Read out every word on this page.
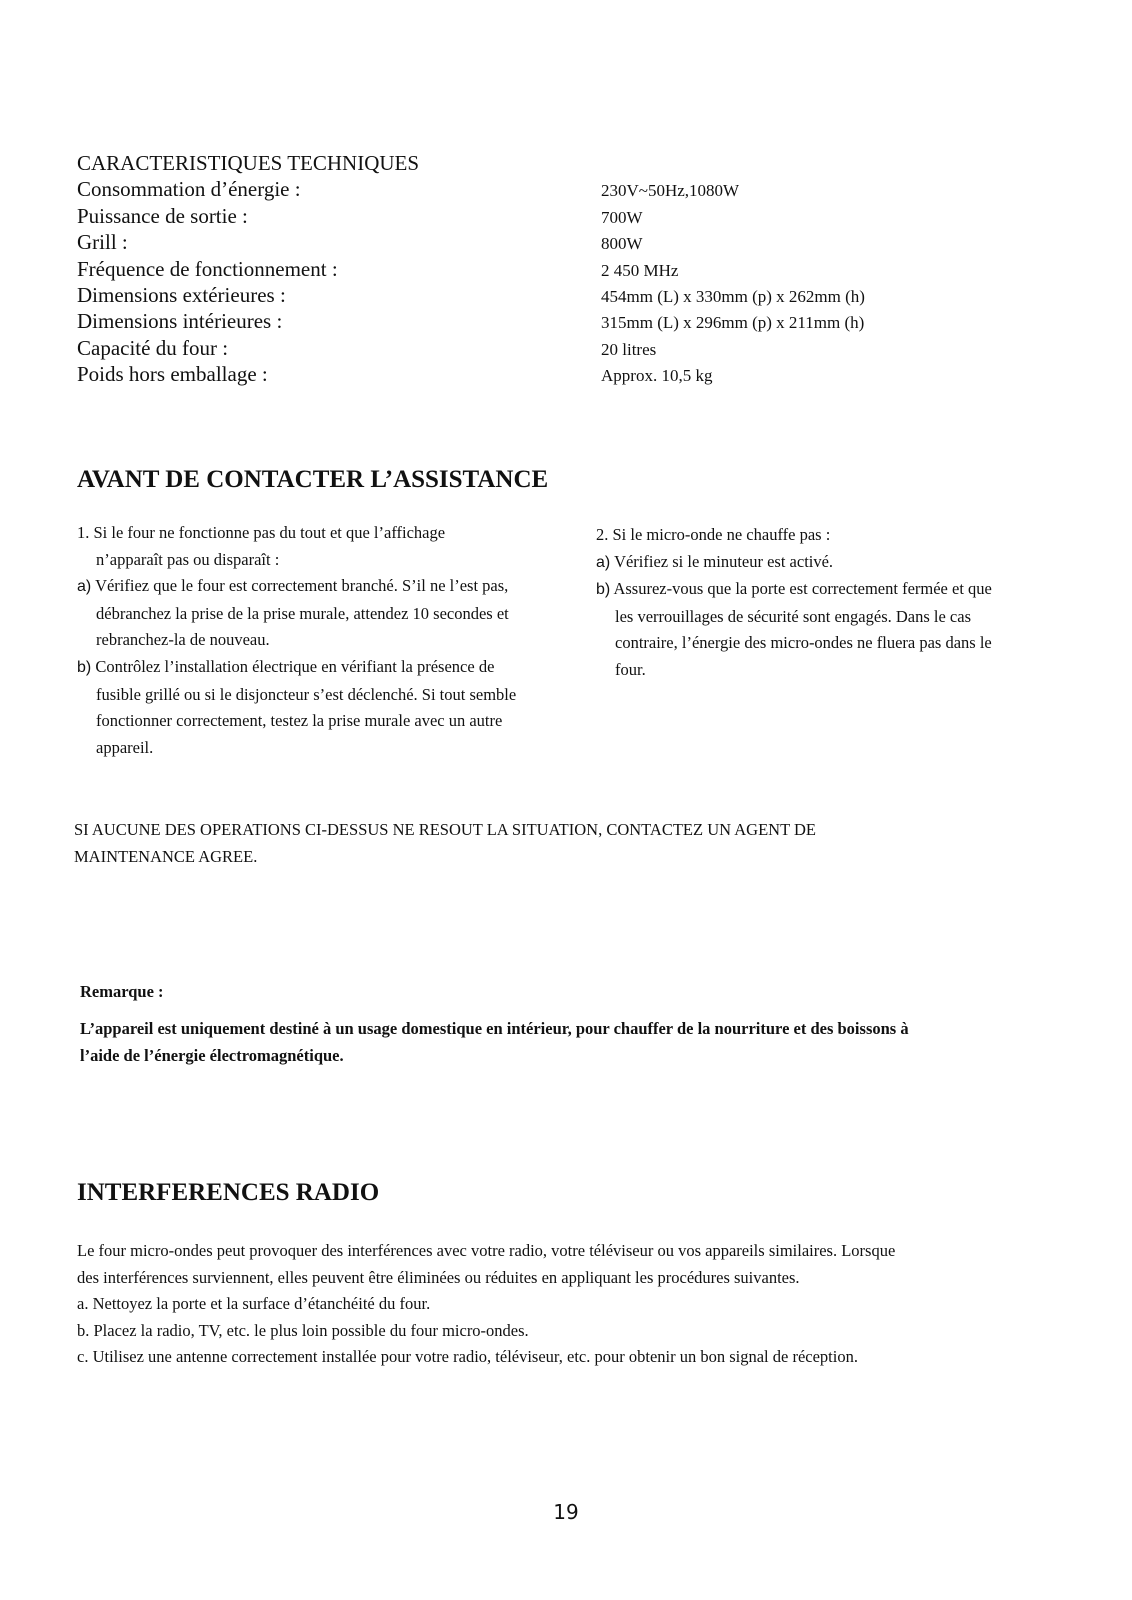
CARACTERISTIQUES TECHNIQUES
Consommation d’énergie :	230V~50Hz,1080W
Puissance de sortie :	700W
Grill :	800W
Fréquence de fonctionnement :	2 450 MHz
Dimensions extérieures :	454mm (L) x 330mm (p) x 262mm (h)
Dimensions intérieures :	315mm (L) x 296mm (p) x 211mm (h)
Capacité du four :	20 litres
Poids hors emballage :	Approx. 10,5 kg
AVANT DE CONTACTER L’ASSISTANCE
1. Si le four ne fonctionne pas du tout et que l’affichage
n’apparaît pas ou disparaît :
a) Vérifiez que le four est correctement branché. S’il ne l’est pas,
débranchez la prise de la prise murale, attendez 10 secondes et
rebranchez-la de nouveau.
b) Contrôlez l’installation électrique en vérifiant la présence de
fusible grillé ou si le disjoncteur s’est déclenché. Si tout semble
fonctionner correctement, testez la prise murale avec un autre
appareil.
2. Si le micro-onde ne chauffe pas :
a) Vérifiez si le minuteur est activé.
b) Assurez-vous que la porte est correctement fermée et que
les verrouillages de sécurité sont engagés. Dans le cas
contraire, l’énergie des micro-ondes ne fluera pas dans le
four.
SI AUCUNE DES OPERATIONS CI-DESSUS NE RESOUT LA SITUATION, CONTACTEZ UN AGENT DE
MAINTENANCE AGREE.
Remarque :
L’appareil est uniquement destiné à un usage domestique en intérieur, pour chauffer de la nourriture et des boissons à
l’aide de l’énergie électromagnétique.
INTERFERENCES RADIO

Le four micro-ondes peut provoquer des interférences avec votre radio, votre téléviseur ou vos appareils similaires. Lorsque

des interférences surviennent, elles peuvent être éliminées ou réduites en appliquant les procédures suivantes.

a. Nettoyez la porte et la surface d’étanchéité du four.

b. Placez la radio, TV, etc. le plus loin possible du four micro-ondes.

c. Utilisez une antenne correctement installée pour votre radio, téléviseur, etc. pour obtenir un bon signal de réception.

19
